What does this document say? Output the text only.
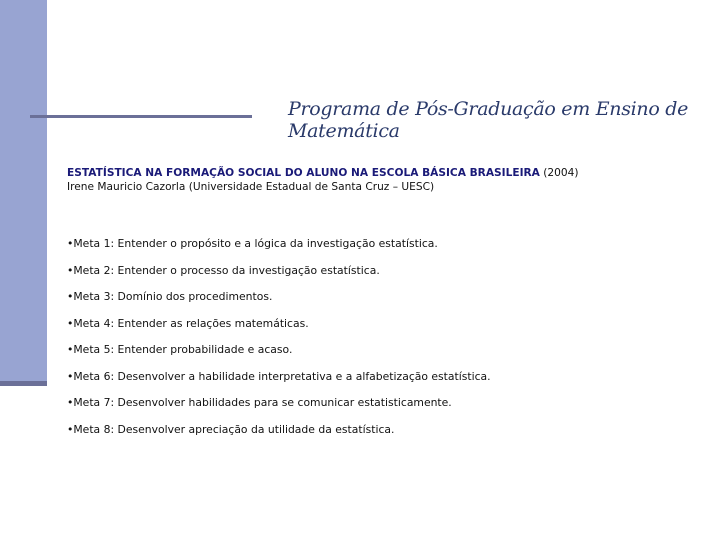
Programa de Pós-Graduação em Ensino de Matemática
ESTATÍSTICA NA FORMAÇÃO SOCIAL DO ALUNO NA ESCOLA BÁSICA BRASILEIRA (2004)
Irene Mauricio Cazorla (Universidade Estadual de Santa Cruz – UESC)
•Meta 1: Entender o propósito e a lógica da investigação estatística.
•Meta 2: Entender o processo da investigação estatística.
•Meta 3: Domínio dos procedimentos.
•Meta 4: Entender as relações matemáticas.
•Meta 5: Entender probabilidade e acaso.
•Meta 6: Desenvolver a habilidade interpretativa e a alfabetização estatística.
•Meta 7: Desenvolver habilidades para se comunicar estatisticamente.
•Meta 8: Desenvolver apreciação da utilidade da estatística.
